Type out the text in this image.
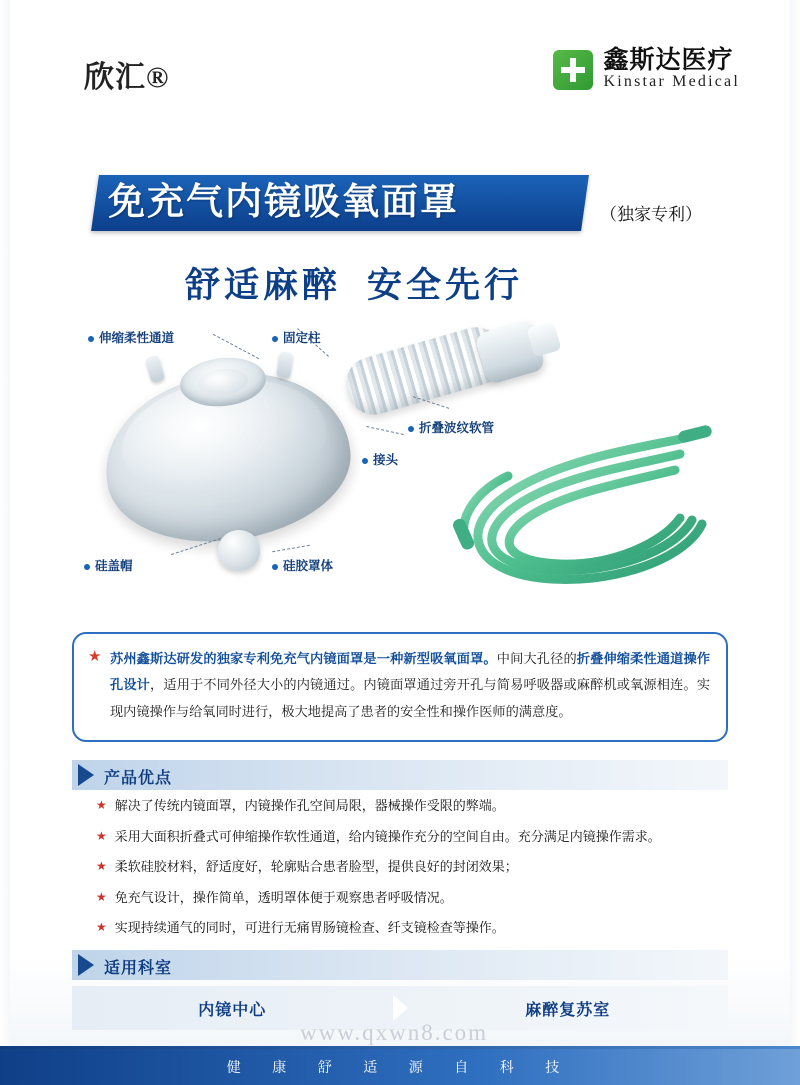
欣汇®
鑫斯达医疗
Kinstar Medical
免充气内镜吸氧面罩	（独家专利）
舒适麻醉 安全先行
伸缩柔性通道	固定柱
折叠波纹软管
接头
硅盖帽	硅胶罩体
★ 苏州鑫斯达研发的独家专利免充气内镜面罩是一种新型吸氧面罩。中间大孔径的折叠伸缩柔性通道操作孔设计，适用于不同外径大小的内镜通过。内镜面罩通过旁开孔与简易呼吸器或麻醉机或氧源相连。实现内镜操作与给氧同时进行，极大地提高了患者的安全性和操作医师的满意度。
产品优点
★ 解决了传统内镜面罩，内镜操作孔空间局限，器械操作受限的弊端。
★ 采用大面积折叠式可伸缩操作软性通道，给内镜操作充分的空间自由。充分满足内镜操作需求。
★ 柔软硅胶材料，舒适度好，轮廓贴合患者脸型，提供良好的封闭效果；
★ 免充气设计，操作简单，透明罩体便于观察患者呼吸情况。
★ 实现持续通气的同时，可进行无痛胃肠镜检查、纤支镜检查等操作。
适用科室
内镜中心	麻醉复苏室
www.qxwn8.com
健 康 舒 适 源 自 科 技
